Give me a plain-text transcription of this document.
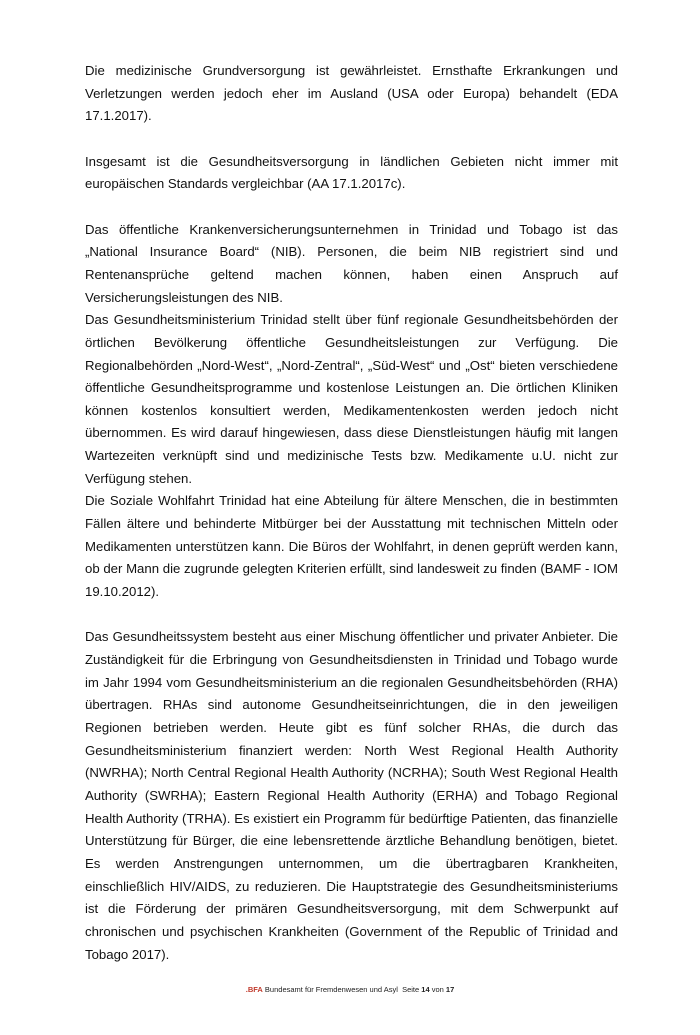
Die medizinische Grundversorgung ist gewährleistet. Ernsthafte Erkrankungen und Verletzungen werden jedoch eher im Ausland (USA oder Europa) behandelt (EDA 17.1.2017).

Insgesamt ist die Gesundheitsversorgung in ländlichen Gebieten nicht immer mit europäischen Standards vergleichbar (AA 17.1.2017c).

Das öffentliche Krankenversicherungsunternehmen in Trinidad und Tobago ist das „National Insurance Board“ (NIB). Personen, die beim NIB registriert sind und Rentenansprüche geltend machen können, haben einen Anspruch auf Versicherungsleistungen des NIB.

Das Gesundheitsministerium Trinidad stellt über fünf regionale Gesundheitsbehörden der örtlichen Bevölkerung öffentliche Gesundheitsleistungen zur Verfügung. Die Regionalbehörden „Nord-West“, „Nord-Zentral“, „Süd-West“ und „Ost“ bieten verschiedene öffentliche Gesundheitsprogramme und kostenlose Leistungen an. Die örtlichen Kliniken können kostenlos konsultiert werden, Medikamentenkosten werden jedoch nicht übernommen. Es wird darauf hingewiesen, dass diese Dienstleistungen häufig mit langen Wartezeiten verknüpft sind und medizinische Tests bzw. Medikamente u.U. nicht zur Verfügung stehen.

Die Soziale Wohlfahrt Trinidad hat eine Abteilung für ältere Menschen, die in bestimmten Fällen ältere und behinderte Mitbürger bei der Ausstattung mit technischen Mitteln oder Medikamenten unterstützen kann. Die Büros der Wohlfahrt, in denen geprüft werden kann, ob der Mann die zugrunde gelegten Kriterien erfüllt, sind landesweit zu finden (BAMF - IOM 19.10.2012).

Das Gesundheitssystem besteht aus einer Mischung öffentlicher und privater Anbieter. Die Zuständigkeit für die Erbringung von Gesundheitsdiensten in Trinidad und Tobago wurde im Jahr 1994 vom Gesundheitsministerium an die regionalen Gesundheitsbehörden (RHA) übertragen. RHAs sind autonome Gesundheitseinrichtungen, die in den jeweiligen Regionen betrieben werden. Heute gibt es fünf solcher RHAs, die durch das Gesundheitsministerium finanziert werden: North West Regional Health Authority (NWRHA); North Central Regional Health Authority (NCRHA); South West Regional Health Authority (SWRHA); Eastern Regional Health Authority (ERHA) and Tobago Regional Health Authority (TRHA). Es existiert ein Programm für bedürftige Patienten, das finanzielle Unterstützung für Bürger, die eine lebensrettende ärztliche Behandlung benötigen, bietet. Es werden Anstrengungen unternommen, um die übertragbaren Krankheiten, einschließlich HIV/AIDS, zu reduzieren. Die Hauptstrategie des Gesundheitsministeriums ist die Förderung der primären Gesundheitsversorgung, mit dem Schwerpunkt auf chronischen und psychischen Krankheiten (Government of the Republic of Trinidad and Tobago 2017).

.BFA Bundesamt für Fremdenwesen und Asyl Seite 14 von 17
